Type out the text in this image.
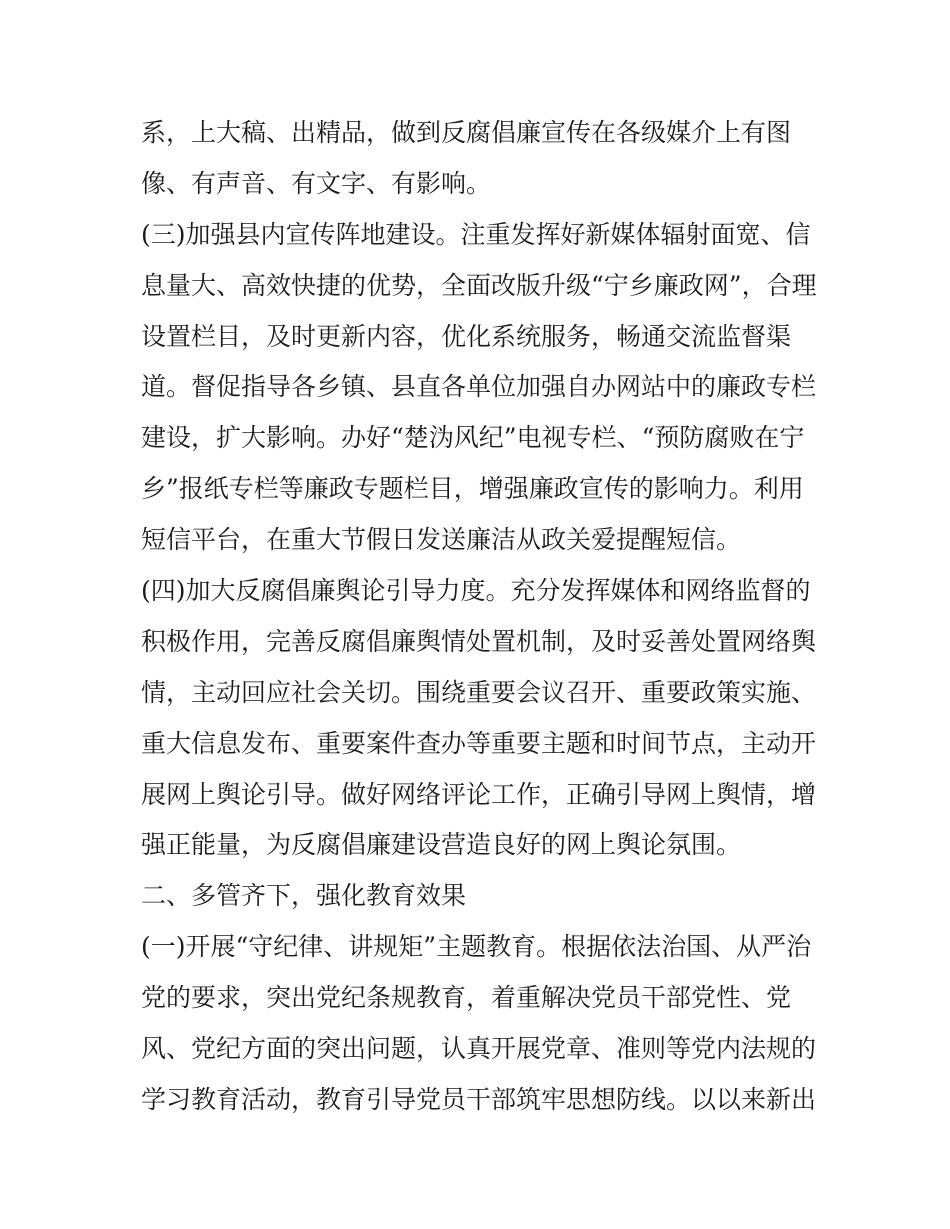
系，上大稿、出精品，做到反腐倡廉宣传在各级媒介上有图
像、有声音、有文字、有影响。
(三)加强县内宣传阵地建设。注重发挥好新媒体辐射面宽、信
息量大、高效快捷的优势，全面改版升级“宁乡廉政网”，合理
设置栏目，及时更新内容，优化系统服务，畅通交流监督渠
道。督促指导各乡镇、县直各单位加强自办网站中的廉政专栏
建设，扩大影响。办好“楚沩风纪”电视专栏、“预防腐败在宁
乡”报纸专栏等廉政专题栏目，增强廉政宣传的影响力。利用
短信平台，在重大节假日发送廉洁从政关爱提醒短信。
(四)加大反腐倡廉舆论引导力度。充分发挥媒体和网络监督的
积极作用，完善反腐倡廉舆情处置机制，及时妥善处置网络舆
情，主动回应社会关切。围绕重要会议召开、重要政策实施、
重大信息发布、重要案件查办等重要主题和时间节点，主动开
展网上舆论引导。做好网络评论工作，正确引导网上舆情，增
强正能量，为反腐倡廉建设营造良好的网上舆论氛围。
二、多管齐下，强化教育效果
(一)开展“守纪律、讲规矩”主题教育。根据依法治国、从严治
党的要求，突出党纪条规教育，着重解决党员干部党性、党
风、党纪方面的突出问题，认真开展党章、准则等党内法规的
学习教育活动，教育引导党员干部筑牢思想防线。以以来新出
